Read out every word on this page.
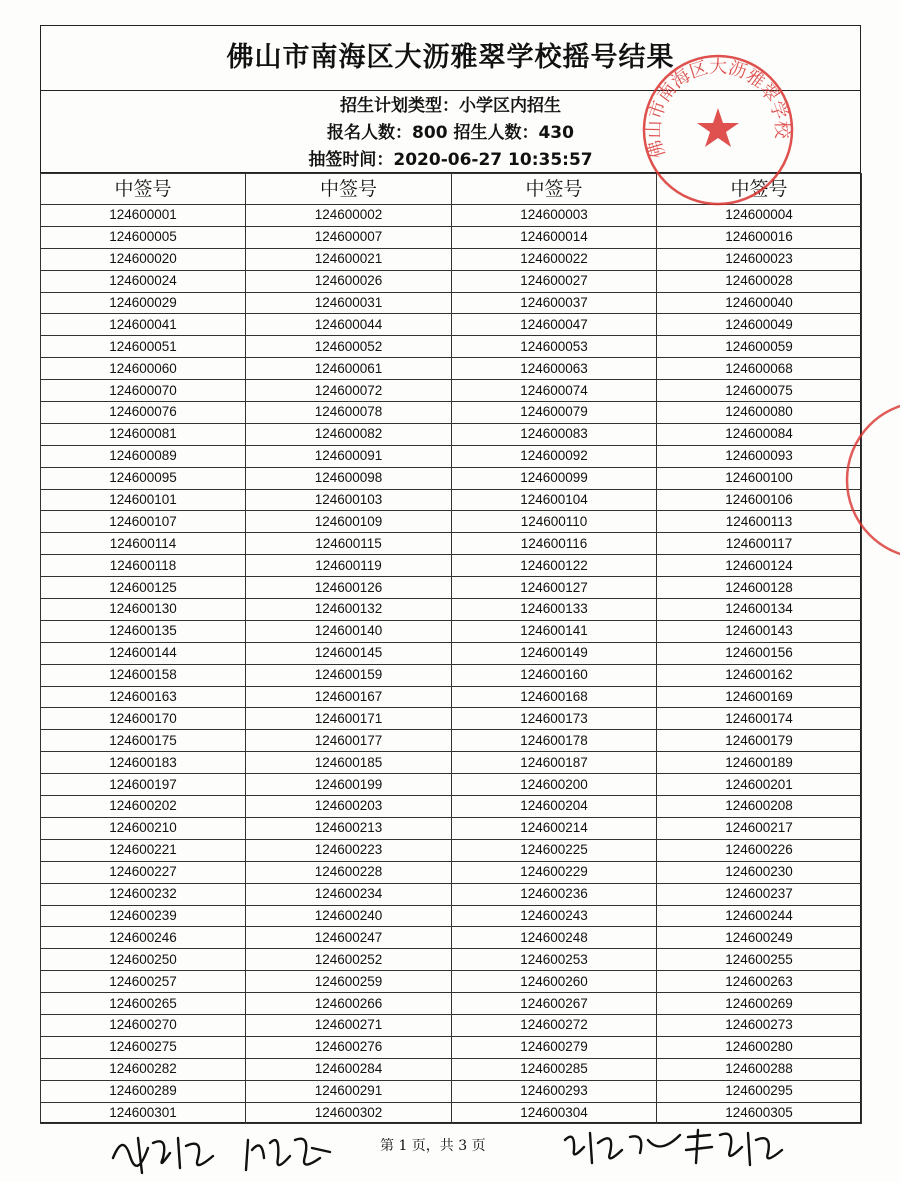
佛山市南海区大沥雅翠学校摇号结果
招生计划类型：小学区内招生
报名人数：800 招生人数：430
抽签时间：2020-06-27 10:35:57
中签号	中签号	中签号	中签号
124600001	124600002	124600003	124600004
124600005	124600007	124600014	124600016
124600020	124600021	124600022	124600023
124600024	124600026	124600027	124600028
124600029	124600031	124600037	124600040
124600041	124600044	124600047	124600049
124600051	124600052	124600053	124600059
124600060	124600061	124600063	124600068
124600070	124600072	124600074	124600075
124600076	124600078	124600079	124600080
124600081	124600082	124600083	124600084
124600089	124600091	124600092	124600093
124600095	124600098	124600099	124600100
124600101	124600103	124600104	124600106
124600107	124600109	124600110	124600113
124600114	124600115	124600116	124600117
124600118	124600119	124600122	124600124
124600125	124600126	124600127	124600128
124600130	124600132	124600133	124600134
124600135	124600140	124600141	124600143
124600144	124600145	124600149	124600156
124600158	124600159	124600160	124600162
124600163	124600167	124600168	124600169
124600170	124600171	124600173	124600174
124600175	124600177	124600178	124600179
124600183	124600185	124600187	124600189
124600197	124600199	124600200	124600201
124600202	124600203	124600204	124600208
124600210	124600213	124600214	124600217
124600221	124600223	124600225	124600226
124600227	124600228	124600229	124600230
124600232	124600234	124600236	124600237
124600239	124600240	124600243	124600244
124600246	124600247	124600248	124600249
124600250	124600252	124600253	124600255
124600257	124600259	124600260	124600263
124600265	124600266	124600267	124600269
124600270	124600271	124600272	124600273
124600275	124600276	124600279	124600280
124600282	124600284	124600285	124600288
124600289	124600291	124600293	124600295
124600301	124600302	124600304	124600305
佛山市南海区大沥雅翠学校
第 1 页，共 3 页
